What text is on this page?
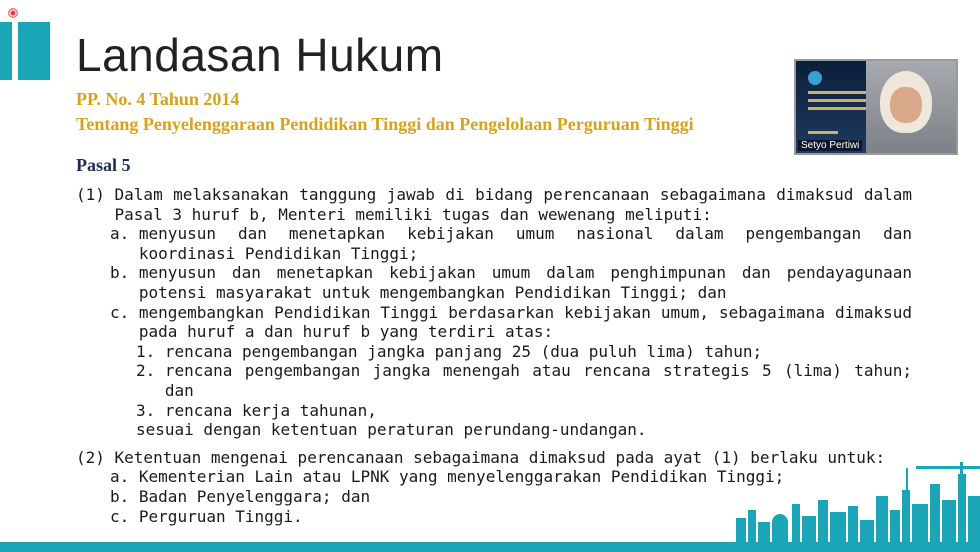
Landasan Hukum

PP. No. 4 Tahun 2014

Tentang Penyelenggaraan Pendidikan Tinggi dan Pengelolaan Perguruan Tinggi

Pasal 5

(1) Dalam melaksanakan tanggung jawab di bidang perencanaan sebagaimana dimaksud dalam Pasal 3 huruf b, Menteri memiliki tugas dan wewenang meliputi:
a. menyusun dan menetapkan kebijakan umum nasional dalam pengembangan dan koordinasi Pendidikan Tinggi;
b. menyusun dan menetapkan kebijakan umum dalam penghimpunan dan pendayagunaan potensi masyarakat untuk mengembangkan Pendidikan Tinggi; dan
c. mengembangkan Pendidikan Tinggi berdasarkan kebijakan umum, sebagaimana dimaksud pada huruf a dan huruf b yang terdiri atas:
1. rencana pengembangan jangka panjang 25 (dua puluh lima) tahun;
2. rencana pengembangan jangka menengah atau rencana strategis 5 (lima) tahun; dan
3. rencana kerja tahunan,
sesuai dengan ketentuan peraturan perundang-undangan.
(2) Ketentuan mengenai perencanaan sebagaimana dimaksud pada ayat (1) berlaku untuk:
a. Kementerian Lain atau LPNK yang menyelenggarakan Pendidikan Tinggi;
b. Badan Penyelenggara; dan
c. Perguruan Tinggi.
Setyo Pertiwi
